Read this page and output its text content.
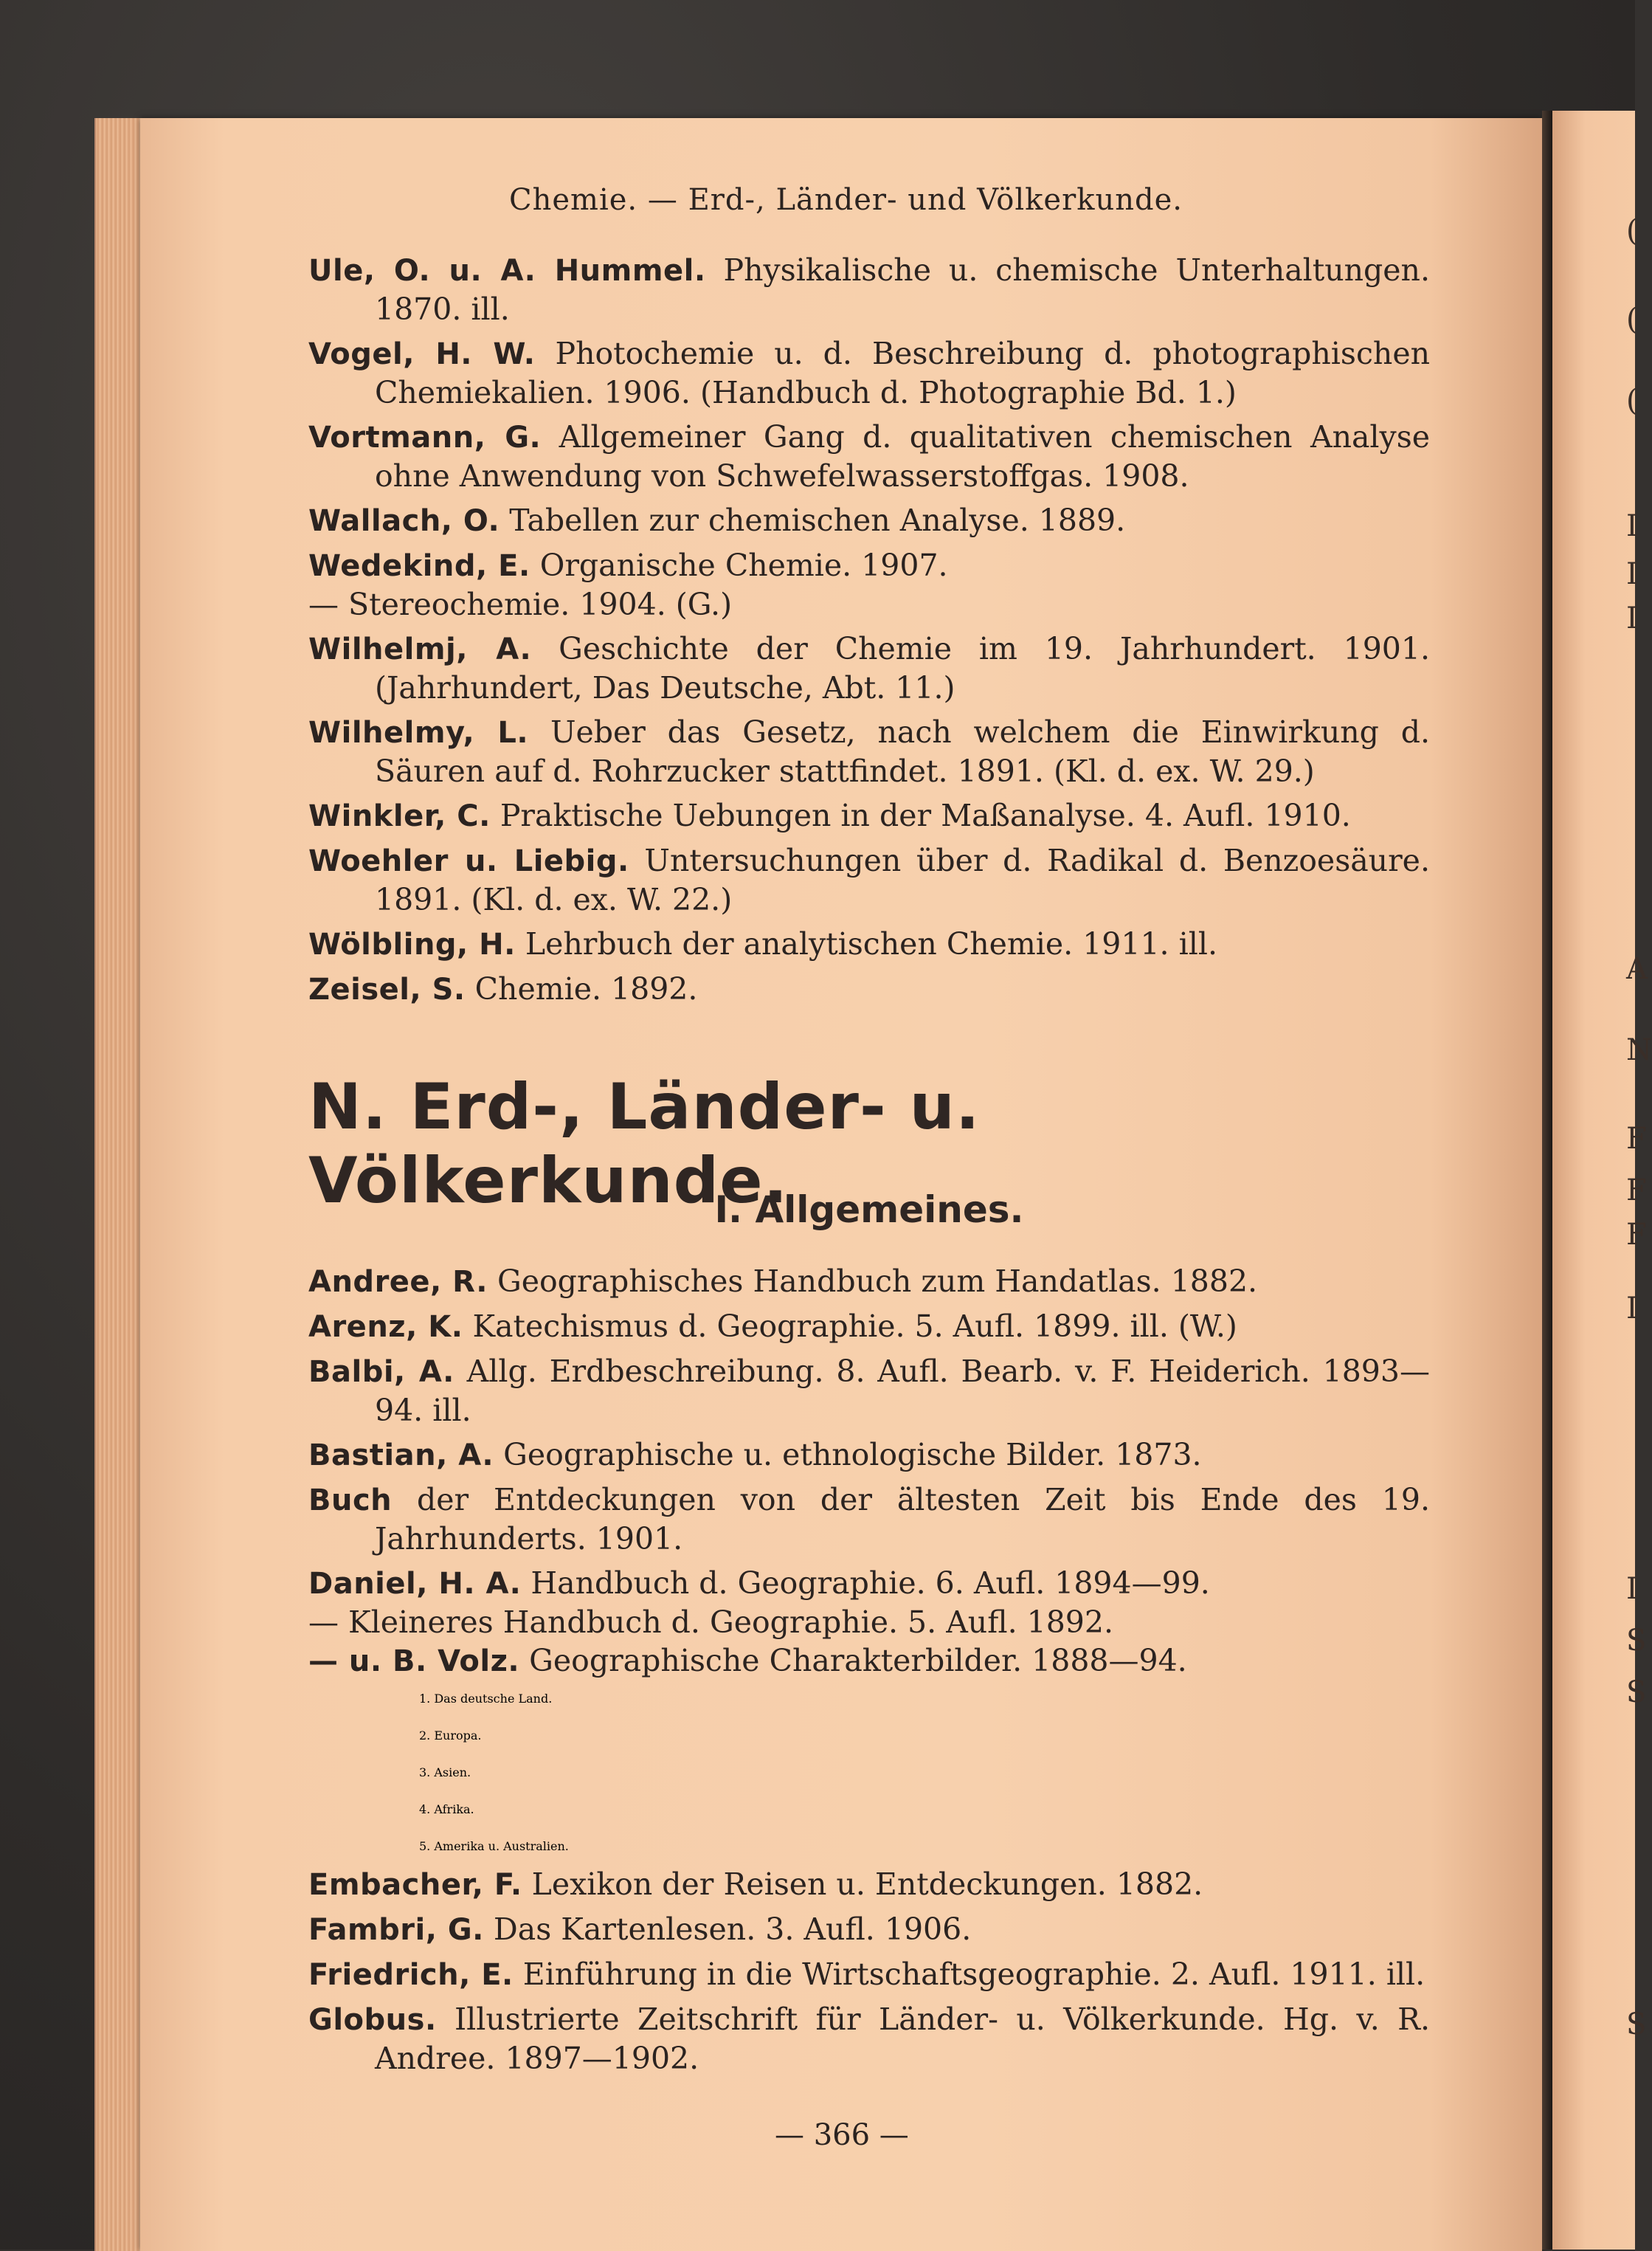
Chemie. — Erd-, Länder- und Völkerkunde.
Ule, O. u. A. Hummel. Physikalische u. chemische Unterhaltungen. 1870. ill.
Vogel, H. W. Photochemie u. d. Beschreibung d. photographischen Chemiekalien. 1906. (Handbuch d. Photographie Bd. 1.)
Vortmann, G. Allgemeiner Gang d. qualitativen chemischen Analyse ohne Anwendung von Schwefelwasserstoffgas. 1908.
Wallach, O. Tabellen zur chemischen Analyse. 1889.
Wedekind, E. Organische Chemie. 1907.
— Stereochemie. 1904. (G.)
Wilhelmj, A. Geschichte der Chemie im 19. Jahrhundert. 1901. (Jahrhundert, Das Deutsche, Abt. 11.)
Wilhelmy, L. Ueber das Gesetz, nach welchem die Einwirkung d. Säuren auf d. Rohrzucker stattfindet. 1891. (Kl. d. ex. W. 29.)
Winkler, C. Praktische Uebungen in der Maßanalyse. 4. Aufl. 1910.
Woehler u. Liebig. Untersuchungen über d. Radikal d. Benzoesäure. 1891. (Kl. d. ex. W. 22.)
Wölbling, H. Lehrbuch der analytischen Chemie. 1911. ill.
Zeisel, S. Chemie. 1892.
N. Erd-, Länder- u. Völkerkunde.
I. Allgemeines.
Andree, R. Geographisches Handbuch zum Handatlas. 1882.
Arenz, K. Katechismus d. Geographie. 5. Aufl. 1899. ill. (W.)
Balbi, A. Allg. Erdbeschreibung. 8. Aufl. Bearb. v. F. Heiderich. 1893—94. ill.
Bastian, A. Geographische u. ethnologische Bilder. 1873.
Buch der Entdeckungen von der ältesten Zeit bis Ende des 19. Jahrhunderts. 1901.
Daniel, H. A. Handbuch d. Geographie. 6. Aufl. 1894—99.
— Kleineres Handbuch d. Geographie. 5. Aufl. 1892.
— u. B. Volz. Geographische Charakterbilder. 1888—94.
1. Das deutsche Land.
2. Europa.
3. Asien.
4. Afrika.
5. Amerika u. Australien.
Embacher, F. Lexikon der Reisen u. Entdeckungen. 1882.
Fambri, G. Das Kartenlesen. 3. Aufl. 1906.
Friedrich, E. Einführung in die Wirtschaftsgeographie. 2. Aufl. 1911. ill.
Globus. Illustrierte Zeitschrift für Länder- u. Völkerkunde. Hg. v. R. Andree. 1897—1902.
— 366 —
(
(
(
I
I
I
A
N
F
F
F
I
I
S
S
S
